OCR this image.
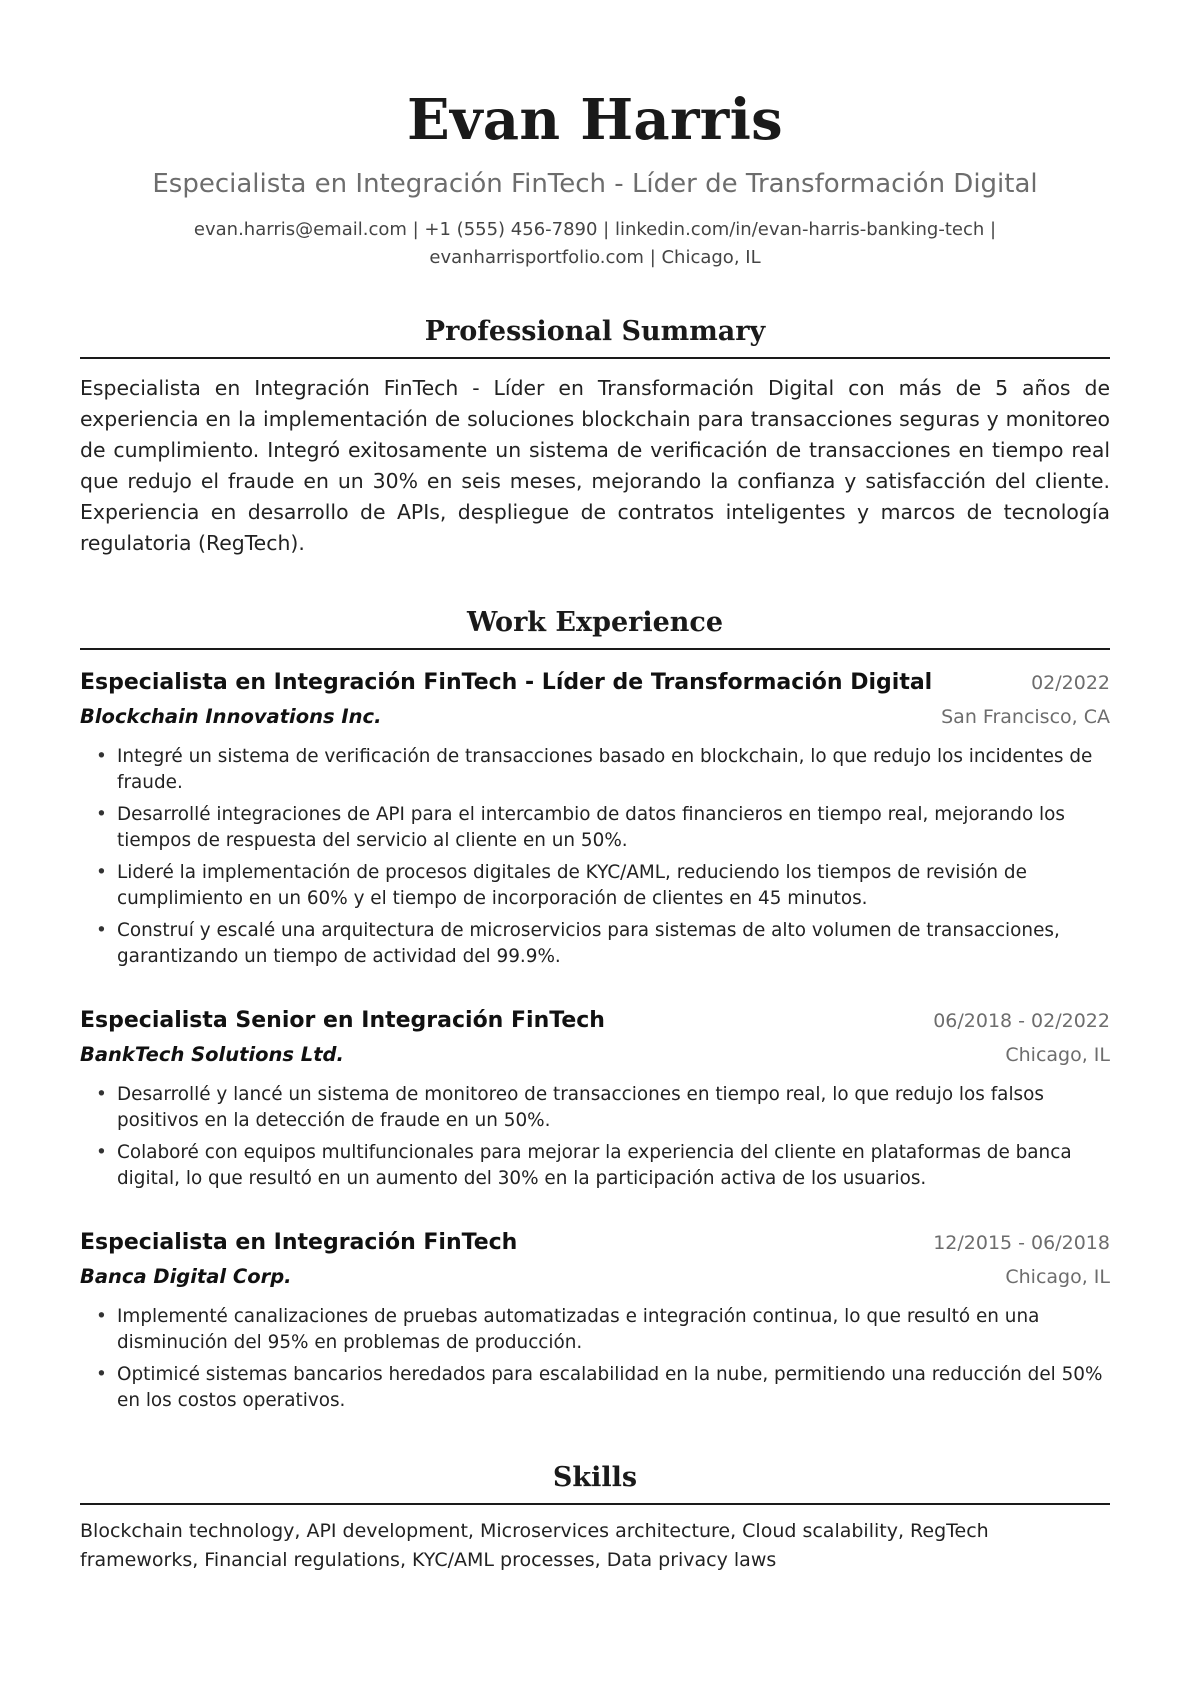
Evan Harris
Especialista en Integración FinTech - Líder de Transformación Digital
evan.harris@email.com | +1 (555) 456-7890 | linkedin.com/in/evan-harris-banking-tech |
evanharrisportfolio.com | Chicago, IL
Professional Summary

Especialista en Integración FinTech - Líder en Transformación Digital con más de 5 años de experiencia en la implementación de soluciones blockchain para transacciones seguras y monitoreo de cumplimiento. Integró exitosamente un sistema de verificación de transacciones en tiempo real que redujo el fraude en un 30% en seis meses, mejorando la confianza y satisfacción del cliente. Experiencia en desarrollo de APIs, despliegue de contratos inteligentes y marcos de tecnología regulatoria (RegTech).

Work Experience
Especialista en Integración FinTech - Líder de Transformación Digital	02/2022
Blockchain Innovations Inc.	San Francisco, CA
• Integré un sistema de verificación de transacciones basado en blockchain, lo que redujo los incidentes de fraude.
• Desarrollé integraciones de API para el intercambio de datos financieros en tiempo real, mejorando los tiempos de respuesta del servicio al cliente en un 50%.
• Lideré la implementación de procesos digitales de KYC/AML, reduciendo los tiempos de revisión de cumplimiento en un 60% y el tiempo de incorporación de clientes en 45 minutos.
• Construí y escalé una arquitectura de microservicios para sistemas de alto volumen de transacciones, garantizando un tiempo de actividad del 99.9%.
Especialista Senior en Integración FinTech	06/2018 - 02/2022
BankTech Solutions Ltd.	Chicago, IL
• Desarrollé y lancé un sistema de monitoreo de transacciones en tiempo real, lo que redujo los falsos positivos en la detección de fraude en un 50%.
• Colaboré con equipos multifuncionales para mejorar la experiencia del cliente en plataformas de banca digital, lo que resultó en un aumento del 30% en la participación activa de los usuarios.
Especialista en Integración FinTech	12/2015 - 06/2018
Banca Digital Corp.	Chicago, IL
• Implementé canalizaciones de pruebas automatizadas e integración continua, lo que resultó en una disminución del 95% en problemas de producción.
• Optimicé sistemas bancarios heredados para escalabilidad en la nube, permitiendo una reducción del 50% en los costos operativos.
Skills

Blockchain technology, API development, Microservices architecture, Cloud scalability, RegTech frameworks, Financial regulations, KYC/AML processes, Data privacy laws
